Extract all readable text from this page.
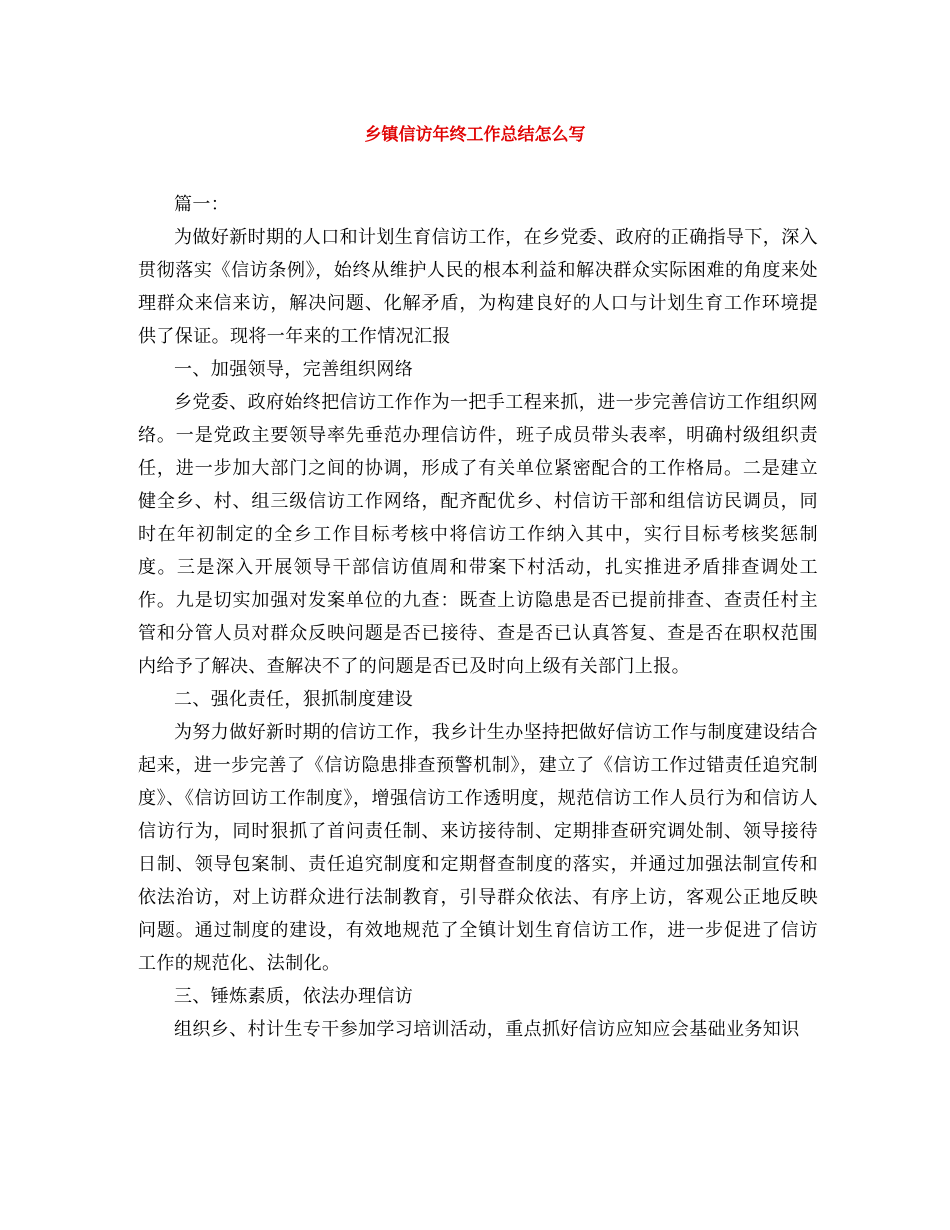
乡镇信访年终工作总结怎么写

篇一：

为做好新时期的人口和计划生育信访工作，在乡党委、政府的正确指导下，深入贯彻落实《信访条例》，始终从维护人民的根本利益和解决群众实际困难的角度来处理群众来信来访，解决问题、化解矛盾，为构建良好的人口与计划生育工作环境提供了保证。现将一年来的工作情况汇报

一、加强领导，完善组织网络

乡党委、政府始终把信访工作作为一把手工程来抓，进一步完善信访工作组织网络。一是党政主要领导率先垂范办理信访件，班子成员带头表率，明确村级组织责任，进一步加大部门之间的协调，形成了有关单位紧密配合的工作格局。二是建立健全乡、村、组三级信访工作网络，配齐配优乡、村信访干部和组信访民调员，同时在年初制定的全乡工作目标考核中将信访工作纳入其中，实行目标考核奖惩制度。三是深入开展领导干部信访值周和带案下村活动，扎实推进矛盾排查调处工作。九是切实加强对发案单位的九查：既查上访隐患是否已提前排查、查责任村主管和分管人员对群众反映问题是否已接待、查是否已认真答复、查是否在职权范围内给予了解决、查解决不了的问题是否已及时向上级有关部门上报。

二、强化责任，狠抓制度建设

为努力做好新时期的信访工作，我乡计生办坚持把做好信访工作与制度建设结合起来，进一步完善了《信访隐患排查预警机制》，建立了《信访工作过错责任追究制度》、《信访回访工作制度》，增强信访工作透明度，规范信访工作人员行为和信访人信访行为，同时狠抓了首问责任制、来访接待制、定期排查研究调处制、领导接待日制、领导包案制、责任追究制度和定期督查制度的落实，并通过加强法制宣传和依法治访，对上访群众进行法制教育，引导群众依法、有序上访，客观公正地反映问题。通过制度的建设，有效地规范了全镇计划生育信访工作，进一步促进了信访工作的规范化、法制化。

三、锤炼素质，依法办理信访

组织乡、村计生专干参加学习培训活动，重点抓好信访应知应会基础业务知识
